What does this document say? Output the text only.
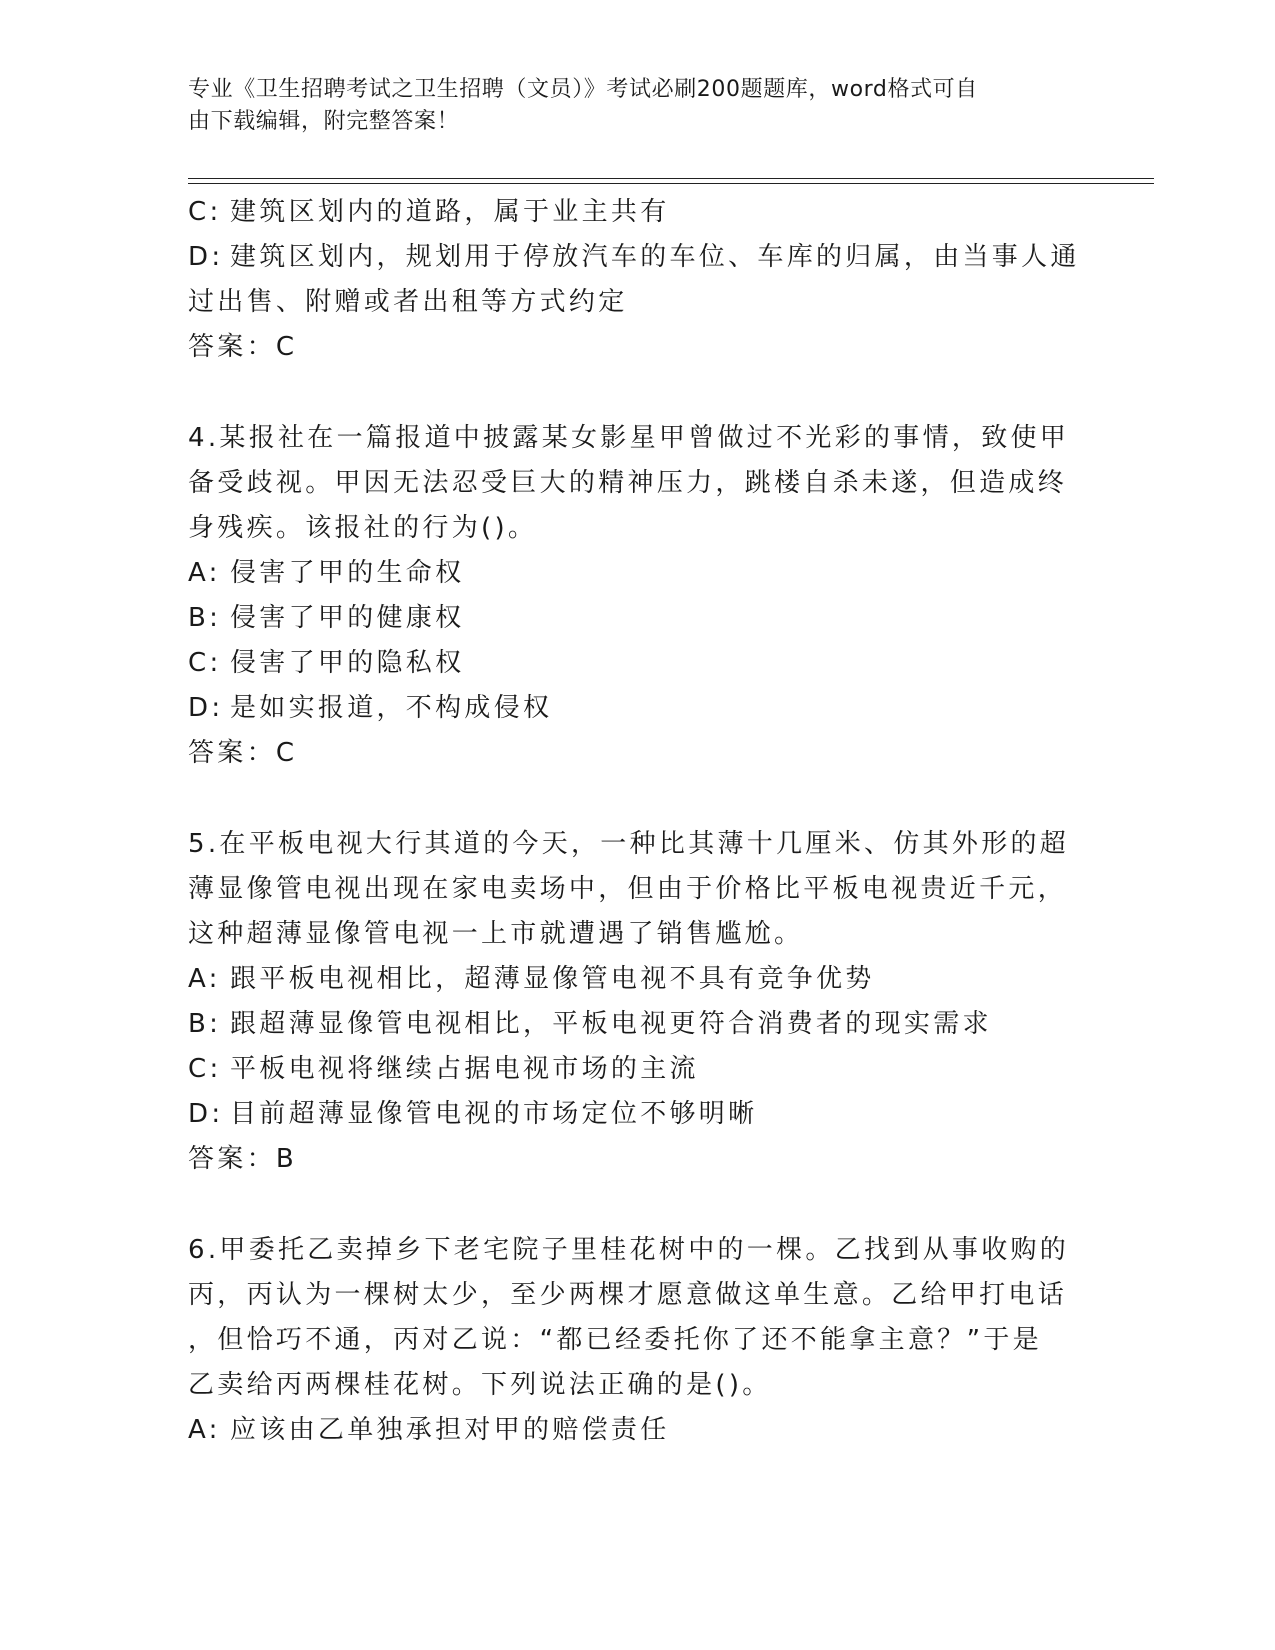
专业《卫生招聘考试之卫生招聘（文员）》考试必刷200题题库，word格式可自
由下载编辑，附完整答案！
C: 建筑区划内的道路，属于业主共有
D: 建筑区划内，规划用于停放汽车的车位、车库的归属，由当事人通
过出售、附赠或者出租等方式约定
答案：C
4.某报社在一篇报道中披露某女影星甲曾做过不光彩的事情，致使甲
备受歧视。甲因无法忍受巨大的精神压力，跳楼自杀未遂，但造成终
身残疾。该报社的行为()。
A: 侵害了甲的生命权
B: 侵害了甲的健康权
C: 侵害了甲的隐私权
D: 是如实报道，不构成侵权
答案：C
5.在平板电视大行其道的今天，一种比其薄十几厘米、仿其外形的超
薄显像管电视出现在家电卖场中，但由于价格比平板电视贵近千元，
这种超薄显像管电视一上市就遭遇了销售尴尬。
A: 跟平板电视相比，超薄显像管电视不具有竞争优势
B: 跟超薄显像管电视相比，平板电视更符合消费者的现实需求
C: 平板电视将继续占据电视市场的主流
D: 目前超薄显像管电视的市场定位不够明晰
答案：B
6.甲委托乙卖掉乡下老宅院子里桂花树中的一棵。乙找到从事收购的
丙，丙认为一棵树太少，至少两棵才愿意做这单生意。乙给甲打电话
，但恰巧不通，丙对乙说：“都已经委托你了还不能拿主意？”于是
乙卖给丙两棵桂花树。下列说法正确的是()。
A: 应该由乙单独承担对甲的赔偿责任
